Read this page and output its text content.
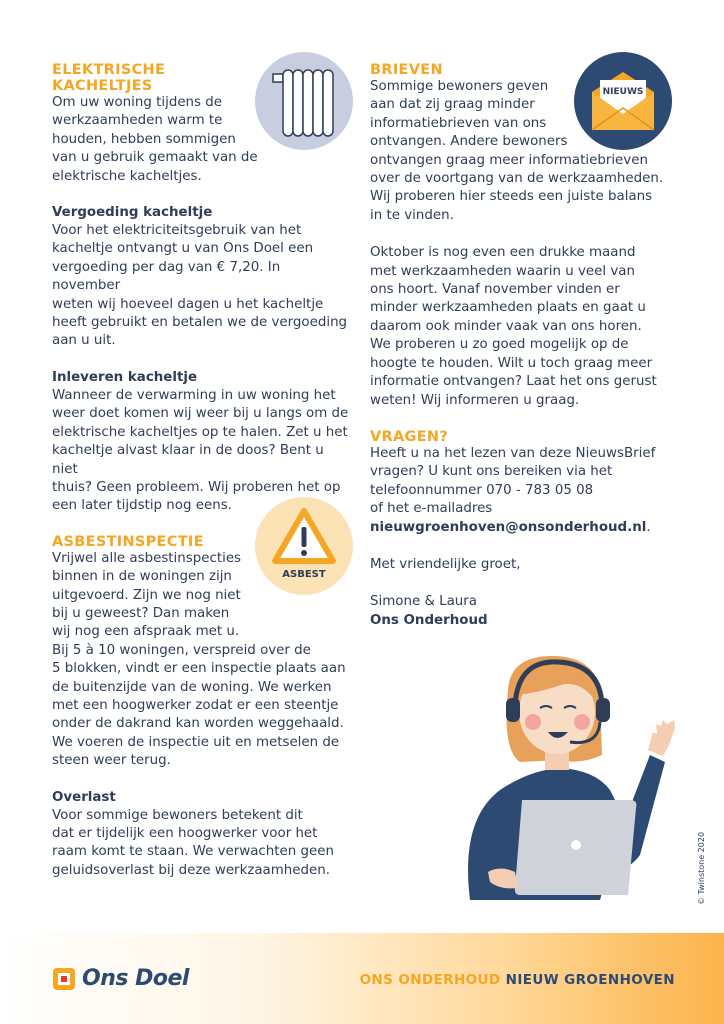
ELEKTRISCHE
KACHELTJES

Om uw woning tijdens de
werkzaamheden warm te
houden, hebben sommigen
van u gebruik gemaakt van de
elektrische kacheltjes.

Vergoeding kacheltje

Voor het elektriciteitsgebruik van het
kacheltje ontvangt u van Ons Doel een
vergoeding per dag van € 7,20. In november
weten wij hoeveel dagen u het kacheltje
heeft gebruikt en betalen we de vergoeding
aan u uit.

Inleveren kacheltje

Wanneer de verwarming in uw woning het
weer doet komen wij weer bij u langs om de
elektrische kacheltjes op te halen. Zet u het
kacheltje alvast klaar in de doos? Bent u niet
thuis? Geen probleem. Wij proberen het op
een later tijdstip nog eens.

ASBESTINSPECTIE

Vrijwel alle asbestinspecties
binnen in de woningen zijn
uitgevoerd. Zijn we nog niet
bij u geweest? Dan maken
wij nog een afspraak met u.
Bij 5 à 10 woningen, verspreid over de
5 blokken, vindt er een inspectie plaats aan
de buitenzijde van de woning. We werken
met een hoogwerker zodat er een steentje
onder de dakrand kan worden weggehaald.
We voeren de inspectie uit en metselen de
steen weer terug.

Overlast

Voor sommige bewoners betekent dit
dat er tijdelijk een hoogwerker voor het
raam komt te staan. We verwachten geen
geluidsoverlast bij deze werkzaamheden.

BRIEVEN

Sommige bewoners geven
aan dat zij graag minder
informatiebrieven van ons
ontvangen. Andere bewoners
ontvangen graag meer informatiebrieven
over de voortgang van de werkzaamheden.
Wij proberen hier steeds een juiste balans
in te vinden.

Oktober is nog even een drukke maand
met werkzaamheden waarin u veel van
ons hoort. Vanaf november vinden er
minder werkzaamheden plaats en gaat u
daarom ook minder vaak van ons horen.
We proberen u zo goed mogelijk op de
hoogte te houden. Wilt u toch graag meer
informatie ontvangen? Laat het ons gerust
weten! Wij informeren u graag.

VRAGEN?

Heeft u na het lezen van deze NieuwsBrief
vragen? U kunt ons bereiken via het
telefoonnummer 070 - 783 05 08
of het e-mailadres

nieuwgroenhoven@onsonderhoud.nl.

Met vriendelijke groet,

Simone & Laura

Ons Onderhoud

NIEUWS
ASBEST
© Twinstone 2020
Ons Doel	ONS ONDERHOUD NIEUW GROENHOVEN
